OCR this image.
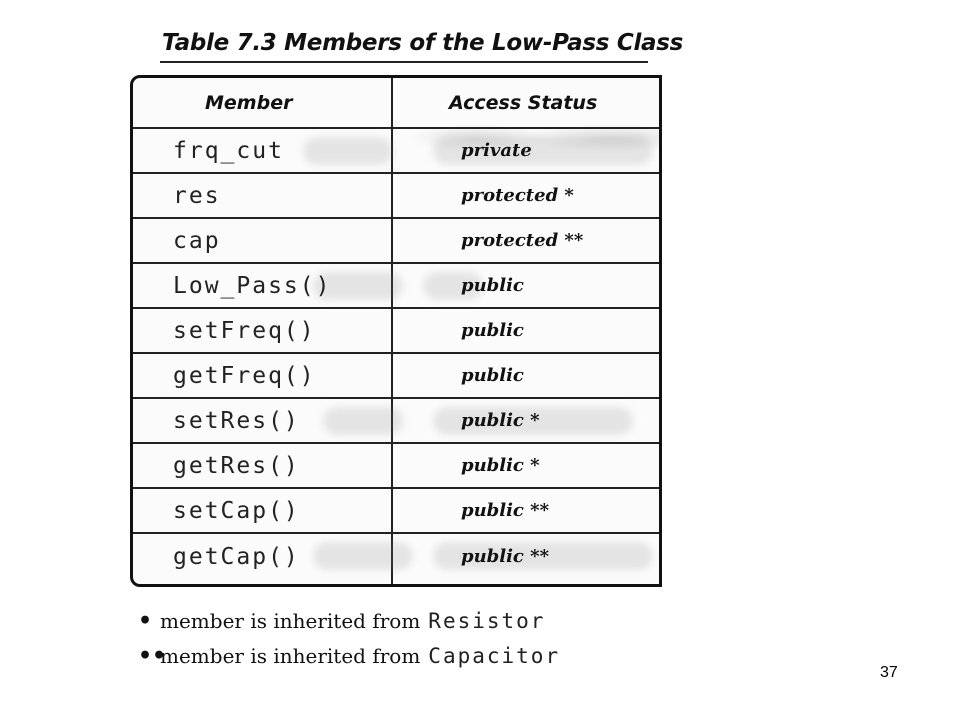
Table 7.3 Members of the Low-Pass Class
Member	Access Status
frq_cut	private
res	protected *
cap	protected **
Low_Pass()	public
setFreq()	public
getFreq()	public
setRes()	public *
getRes()	public *
setCap()	public **
getCap()	public **
• member is inherited from Resistor
••
member is inherited from Capacitor
37
